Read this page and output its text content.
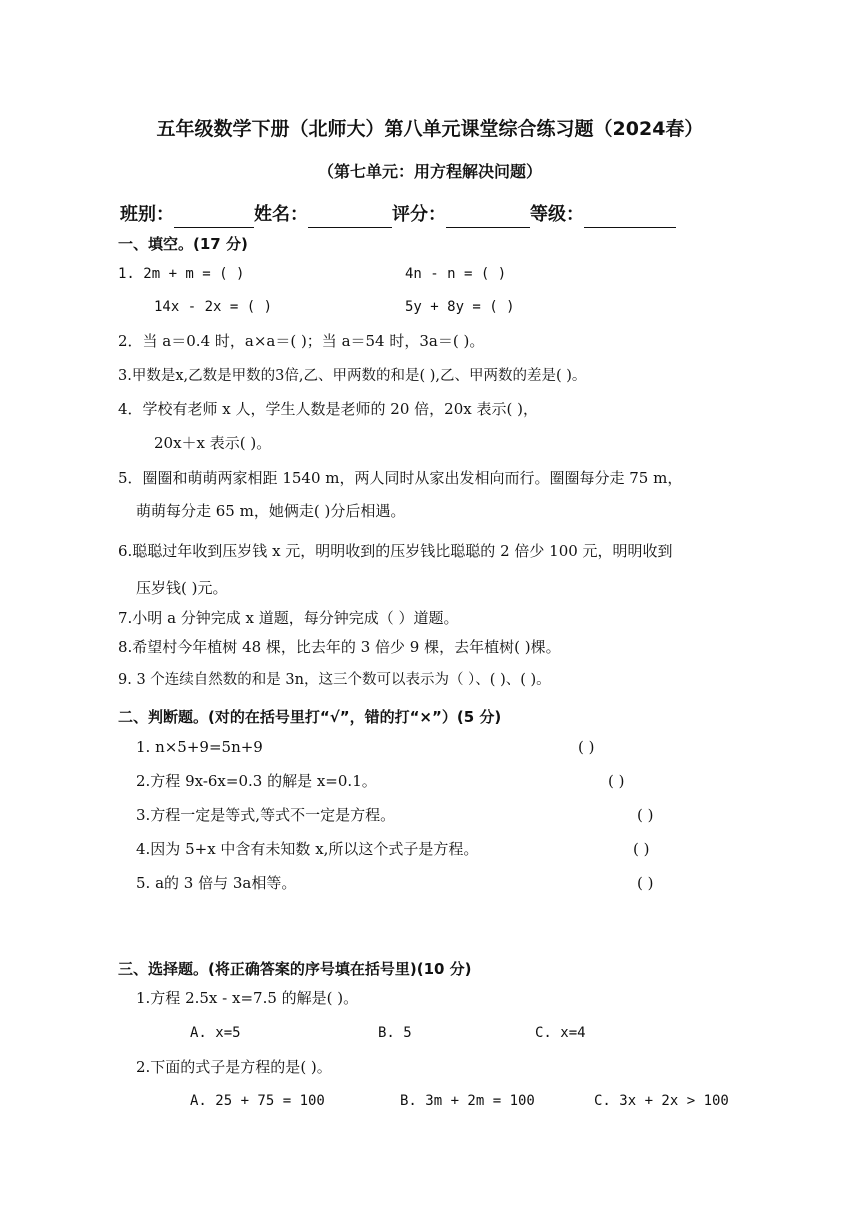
五年级数学下册（北师大）第八单元课堂综合练习题（2024春）
（第七单元：用方程解决问题）
班别：	姓名：	评分：	等级：
一、填空。(17 分)
1. 2m + m = ( )	4n - n = ( )
14x - 2x = ( )	5y + 8y = ( )
2．当 a＝0.4 时，a×a＝( )；当 a＝54 时，3a＝( )。
3.甲数是x,乙数是甲数的3倍,乙、甲两数的和是( ),乙、甲两数的差是( )。
4．学校有老师 x 人，学生人数是老师的 20 倍，20x 表示( )，
20x＋x 表示( )。
5．圈圈和萌萌两家相距 1540 m，两人同时从家出发相向而行。圈圈每分走 75 m，
萌萌每分走 65 m，她俩走( )分后相遇。
6.聪聪过年收到压岁钱 x 元，明明收到的压岁钱比聪聪的 2 倍少 100 元，明明收到
压岁钱( )元。
7.小明 a 分钟完成 x 道题，每分钟完成（ ）道题。
8.希望村今年植树 48 棵，比去年的 3 倍少 9 棵，去年植树( )棵。
9. 3 个连续自然数的和是 3n，这三个数可以表示为（ ）、( )、( )。
二、判断题。(对的在括号里打“√”，错的打“×”）(5 分)
1. n×5+9=5n+9	( )
2.方程 9x-6x=0.3 的解是 x=0.1。	( )
3.方程一定是等式,等式不一定是方程。	( )
4.因为 5+x 中含有未知数 x,所以这个式子是方程。	( )
5. a的 3 倍与 3a相等。	( )
三、选择题。(将正确答案的序号填在括号里)(10 分)
1.方程 2.5x - x=7.5 的解是( )。
A. x=5	B. 5	C. x=4
2.下面的式子是方程的是( )。
A. 25 + 75 = 100	B. 3m + 2m = 100	C. 3x + 2x > 100
